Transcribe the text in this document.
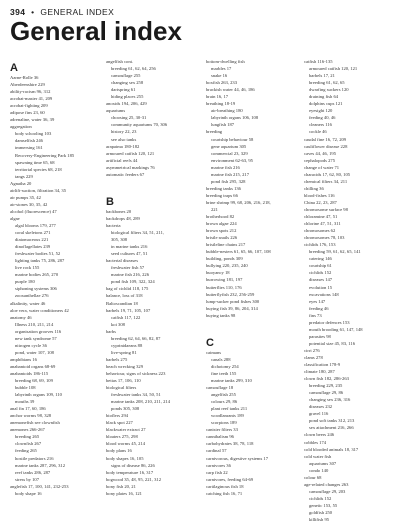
394 • GENERAL INDEX
General index
A
Aarne-Rolle 36
Aberdeenshire 229
ability-racism 96, 312
acrobat-master 41, 209
acrobat-fighting 209
adipose fins 23, 60
adrenaline, water 36, 39
aggregation
body schooling 103
damselfish 246
immersing 161
Recovery-Engineering Park 185
spawning time 65, 68
territorial species 68, 218
tangs 229
Agnatha 20
airlift-suction, filtration 34, 35
air pumps 35, 42
air-stones 30, 35, 42
alcohol (fluorescence) 47
algae
algal blooms 179, 277
coral skeletons 271
diatomaceous 221
dinoflagellates 239
freshwater bodies 51, 52
lighting tanks 75, 286, 287
live rock 155
marine bodies 265, 270
purple 180
siphoning systems 306
zooxanthellae 276
alkalinity, water 46
aloe vera, water conditioners 42
anatomy 46
Illness 210, 211, 214
organisation grooves 116
new tank syndrome 57
nitrogen cycle 36
pond, water 107, 108
amphibians 16
anabantoid organs 68-69
anabantoids 186-115
breeding 68, 69, 109
bubble 108
labyrinth organs 109, 110
mouths 39
anal fin 17, 60, 186
anchor worms 98, 328
anemonefish see clownfish
anemones 266-267
breeding 265
clownfish 267
feeding 265
hostile predators 216
marine tanks 287, 296, 312
reef tanks 286, 287
stress by 107
anglefish 17, 100, 141, 232-253
body shape 16
angelfish cont.
breeding 61, 62, 64, 256
camouflage 255
changing sex 258
dartspring 61
hiding places 255
anoxids 194, 206, 429
aquariums
choosing 25, 30-31
community aquariums 70, 306
history 22, 23
see also tanks
arapaima 180-182
armoured catfish 120, 121
artificial reefs 44
asymmetrical markings 76
automatic feeders 67

B
backbones 20
backdrops 48, 289
bacteria
biological filters 34, 51, 211,
305, 308
in marine tanks 216
seed cultures 47, 51
bacterial diseases
freshwater fish 57
marine fish 216, 226
pond fish 109, 322, 324
bag of cichlid 118, 175
balance, loss of 318
Baltoscandian 18
barbels 19, 71, 105, 107
catfish 117, 122
koi 308
barbs
breeding 62, 64, 66, 82, 87
cyprinidaeans 88
live-spring 81
barbels 275
beach wrecking 329
behaviour, signs of sickness 223
bettas 17, 106, 110
biological filters
freshwater tanks 34, 50, 51
marine tanks 208, 210, 211, 214
ponds 305, 308
bioflers 294
black spot 227
blackwater extract 27
bloaters 275, 298
blood worms 45, 214
body plans 16
body shapes 16, 105
signs of disease 86, 226
body temperature 16, 317
bogwood 35, 48, 95, 221, 312
bony fish 20, 21
bony plates 16, 121
bottom-dwelling fish
marbles 17
snake 16
boxfish 263, 233
brackish water 44, 46, 186
brain 16, 17
breathing 18-19
air-breathing 180
labyrinth organs 106, 108
lungfish 187
breeding
courtship behaviour 58
gene aquarium 305
commercial 23, 329
environment 62-63, 95
marine fish 216
marine fish 215, 217
pond fish 295, 328
breeding tanks 136
breeding traps 66
brine shrimp 99, 68, 206, 216, 218,
221
brotherhood 82
brown algae 224
brown spots 212
bristle snails 226
bristleline chains 217
bubble-nesters 61, 65, 66, 107, 108
building, ponds 309
bullying 220, 235, 240
buoyancy 18
burrowing 181, 197
butterflies 110, 176
butterflyfish 232, 256-259
lump-sucker pond fishes 300
buying fish 39, 86, 204, 314
buying tanks 98

C
caimans
canals 288
dichotomy 254
fine teeth 155
marine tanks 299, 310
camouflage 18
angelfish 255
colours 29, 86
plant reef tanks 211
woodlanrants 189
scorpions 189
canister filters 33
cannibalism 96
carbohydrates 38, 78, 118
cardinal 57
carnivorous, digestive systems 17
carnivores 36
carp fish 22
carnivores, feeding 64-69
cartilaginous fish 18
catching fish 16, 71
catfish 116-135
armoured catfish 120, 121
barbels 17, 21
breeding 61, 62, 65
dwarfing suckers 120
draining fish 64
dolphins cups 121
eyesight 120
feeding 40, 46
cleaners 116
cockle 46
caudal fine 16, 72, 209
cauliflower disease 228
caves 44, 46, 195
cephalopods 275
change of water 71
characids 17, 62, 80, 105
chemical filters 34, 211
chilling 36
blood-fishes 116
China 22, 23, 287
chromosome surface 98
chloramine 47, 51
chlorine 47, 51, 311
chromosomes 62
chromosomes 78, 103
cichlids 176, 153
breeding 59, 61, 62, 65, 141
catering 146
courtship 61
cichlids 152
diseases 147
evolution 15
excavations 148
eyes 147
feeding 46
fins 73
predator defences 153
mouth brooding 61, 147, 148
parasites 98
potential size 45, 83, 116
cirri 276
clams 278
classification 178-9
climate 180, 287
clown fish 182, 286-263
breeding 229, 235
camouflage 29, 86
changing sex 236, 316
diseases 232
gravel 116
pond soft tanks 312, 213
sex attachment 216, 266
clown beers 246
cobbles 174
cold blooded animals 18, 317
cold water fish
aquariums 307
condo 140
colour 68
age-related changes 263
camouflage 29, 203
cichlids 152
genetic 153, 55
goldfish 250
killifish 95
